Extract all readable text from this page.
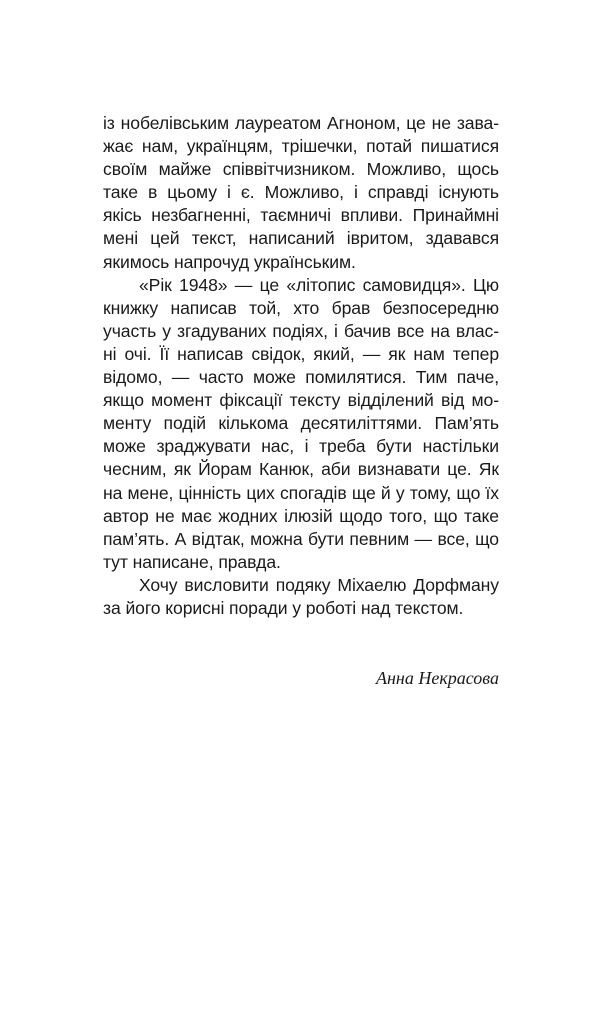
із нобелівським лауреатом Агноном, це не зава-
жає нам, українцям, трішечки, потай пишатися
своїм майже співвітчизником. Можливо, щось
таке в цьому і є. Можливо, і справді існують
якісь незбагненні, таємничі впливи. Принаймні
мені цей текст, написаний івритом, здавався
якимось напрочуд українським.
«Рік 1948» — це «літопис самовидця». Цю
книжку написав той, хто брав безпосередню
участь у згадуваних подіях, і бачив все на влас-
ні очі. Її написав свідок, який, — як нам тепер
відомо, — часто може помилятися. Тим паче,
якщо момент фіксації тексту відділений від мо-
менту подій кількома десятиліттями. Пам’ять
може зраджувати нас, і треба бути настільки
чесним, як Йорам Канюк, аби визнавати це. Як
на мене, цінність цих спогадів ще й у тому, що їх
автор не має жодних ілюзій щодо того, що таке
пам’ять. А відтак, можна бути певним — все, що
тут написане, правда.
Хочу висловити подяку Міхаелю Дорфману
за його корисні поради у роботі над текстом.
Анна Некрасова
